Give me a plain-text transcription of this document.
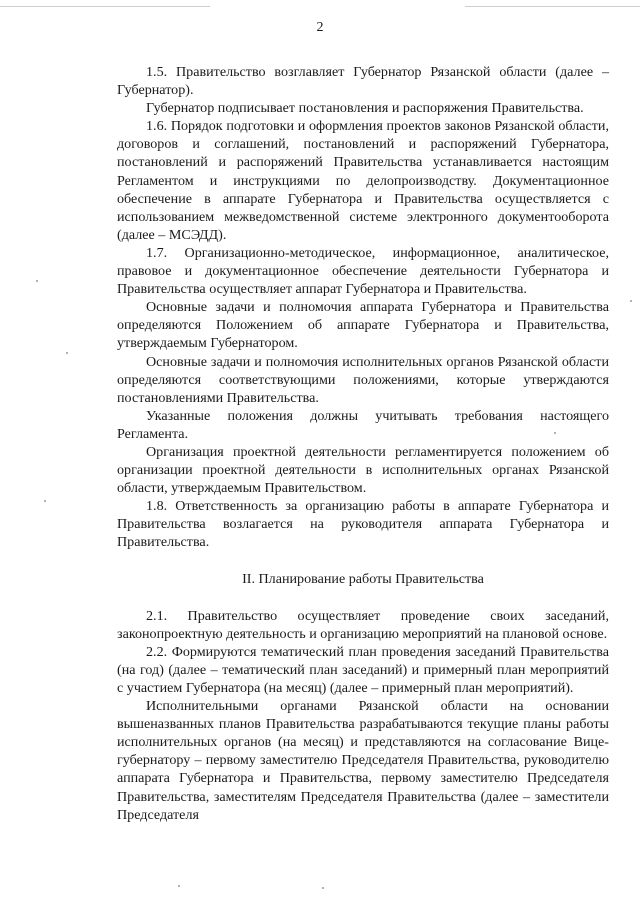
2

1.5. Правительство возглавляет Губернатор Рязанской области (далее – Губернатор).

Губернатор подписывает постановления и распоряжения Правительства.

1.6. Порядок подготовки и оформления проектов законов Рязанской области, договоров и соглашений, постановлений и распоряжений Губернатора, постановлений и распоряжений Правительства устанавливается настоящим Регламентом и инструкциями по делопроизводству. Документационное обеспечение в аппарате Губернатора и Правительства осуществляется с использованием межведомственной системе электронного документооборота (далее – МСЭДД).

1.7. Организационно-методическое, информационное, аналитическое, правовое и документационное обеспечение деятельности Губернатора и Правительства осуществляет аппарат Губернатора и Правительства.

Основные задачи и полномочия аппарата Губернатора и Правительства определяются Положением об аппарате Губернатора и Правительства, утверждаемым Губернатором.

Основные задачи и полномочия исполнительных органов Рязанской области определяются соответствующими положениями, которые утверждаются постановлениями Правительства.

Указанные положения должны учитывать требования настоящего Регламента.

Организация проектной деятельности регламентируется положением об организации проектной деятельности в исполнительных органах Рязанской области, утверждаемым Правительством.

1.8. Ответственность за организацию работы в аппарате Губернатора и Правительства возлагается на руководителя аппарата Губернатора и Правительства.

II. Планирование работы Правительства

2.1. Правительство осуществляет проведение своих заседаний, законопроектную деятельность и организацию мероприятий на плановой основе.

2.2. Формируются тематический план проведения заседаний Правительства (на год) (далее – тематический план заседаний) и примерный план мероприятий с участием Губернатора (на месяц) (далее – примерный план мероприятий).

Исполнительными органами Рязанской области на основании вышеназванных планов Правительства разрабатываются текущие планы работы исполнительных органов (на месяц) и представляются на согласование Вице-губернатору – первому заместителю Председателя Правительства, руководителю аппарата Губернатора и Правительства, первому заместителю Председателя Правительства, заместителям Председателя Правительства (далее – заместители Председателя
